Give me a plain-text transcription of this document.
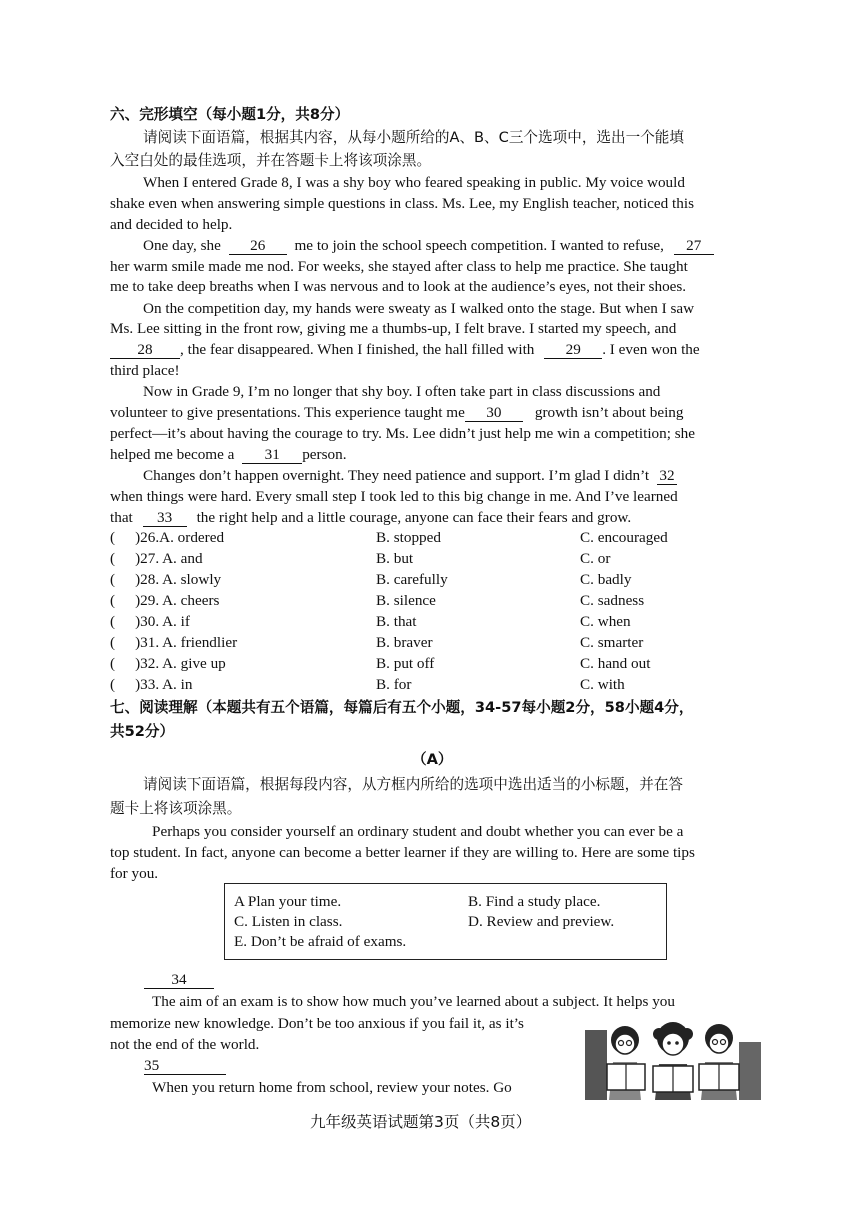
六、完形填空（每小题1分，共8分）
请阅读下面语篇，根据其内容，从每小题所给的A、B、C三个选项中，选出一个能填
入空白处的最佳选项，并在答题卡上将该项涂黑。
When I entered Grade 8, I was a shy boy who feared speaking in public. My voice would
shake even when answering simple questions in class. Ms. Lee, my English teacher, noticed this
and decided to help.
One day, she 26 me to join the school speech competition. I wanted to refuse, 27
her warm smile made me nod. For weeks, she stayed after class to help me practice. She taught
me to take deep breaths when I was nervous and to look at the audience’s eyes, not their shoes.
On the competition day, my hands were sweaty as I walked onto the stage. But when I saw
Ms. Lee sitting in the front row, giving me a thumbs-up, I felt brave. I started my speech, and
28 , the fear disappeared. When I finished, the hall filled with 29 . I even won the
third place!
Now in Grade 9, I’m no longer that shy boy. I often take part in class discussions and
volunteer to give presentations. This experience taught me 30 growth isn’t about being
perfect—it’s about having the courage to try. Ms. Lee didn’t just help me win a competition; she
helped me become a 31 person.
Changes don’t happen overnight. They need patience and support. I’m glad I didn’t 32
when things were hard. Every small step I took led to this big change in me. And I’ve learned
that 33 the right help and a little courage, anyone can face their fears and grow.
( )26.A. ordered	B. stopped	C. encouraged
( )27. A. and	B. but	C. or
( )28. A. slowly	B. carefully	C. badly
( )29. A. cheers	B. silence	C. sadness
( )30. A. if	B. that	C. when
( )31. A. friendlier	B. braver	C. smarter
( )32. A. give up	B. put off	C. hand out
( )33. A. in	B. for	C. with
七、阅读理解（本题共有五个语篇，每篇后有五个小题，34-57每小题2分，58小题4分，
共52分）
（A）
请阅读下面语篇，根据每段内容，从方框内所给的选项中选出适当的小标题，并在答
题卡上将该项涂黑。
Perhaps you consider yourself an ordinary student and doubt whether you can ever be a
top student. In fact, anyone can become a better learner if they are willing to. Here are some tips
for you.
A Plan your time.	B. Find a study place.
C. Listen in class.	D. Review and preview.
E. Don’t be afraid of exams.
34
The aim of an exam is to show how much you’ve learned about a subject. It helps you
memorize new knowledge. Don’t be too anxious if you fail it, as it’s
not the end of the world.
35
When you return home from school, review your notes. Go
九年级英语试题第3页（共8页）
